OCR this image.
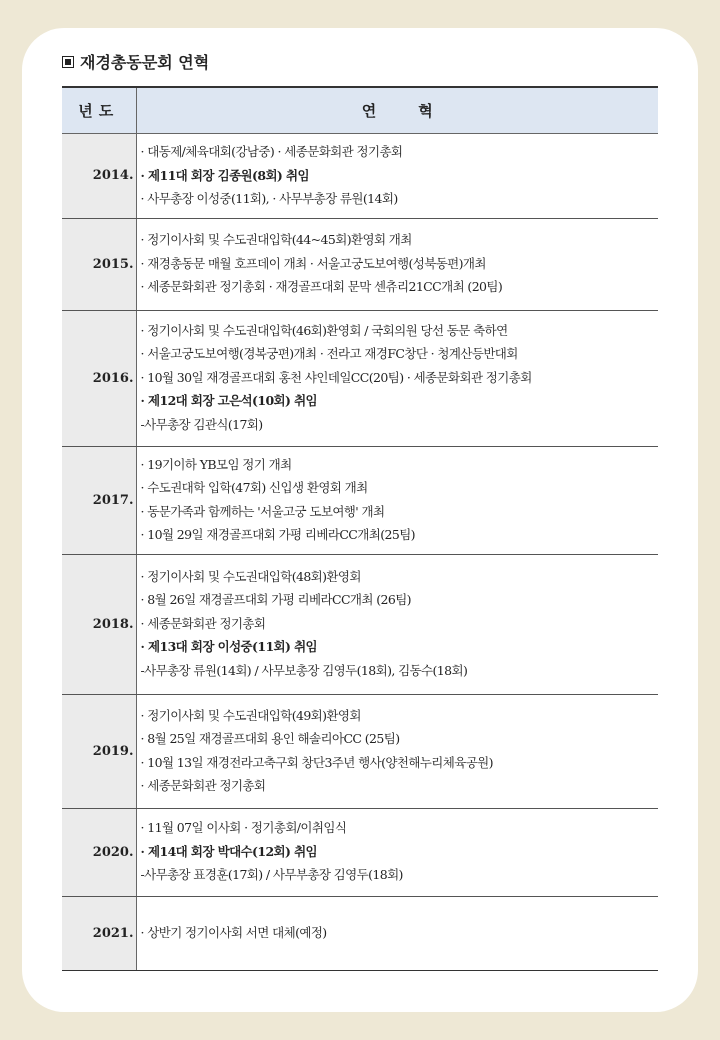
재경총동문회 연혁
년도	연혁
2014.	· 대동제/체육대회(강남중) · 세종문화회관 정기총회
· 제11대 회장 김종원(8회) 취임
· 사무총장 이성중(11회), · 사무부총장 류원(14회)

2015.	· 정기이사회 및 수도권대입학(44~45회)환영회 개최
· 재경총동문 매월 호프데이 개최 · 서울고궁도보여행(성북동편)개최
· 세종문화회관 정기총회 · 재경골프대회 문막 센츄리21CC개최 (20팀)

2016.	· 정기이사회 및 수도권대입학(46회)환영회 / 국회의원 당선 동문 축하연
· 서울고궁도보여행(경복궁편)개최 · 전라고 재경FC창단 · 청계산등반대회
· 10월 30일 재경골프대회 홍천 샤인데일CC(20팀) · 세종문화회관 정기총회
· 제12대 회장 고은석(10회) 취임
-사무총장 김관식(17회)

2017.	· 19기이하 YB모임 정기 개최
· 수도권대학 입학(47회) 신입생 환영회 개최
· 동문가족과 함께하는 '서울고궁 도보여행' 개최
· 10월 29일 재경골프대회 가평 리베라CC개최(25팀)

2018.	· 정기이사회 및 수도권대입학(48회)환영회
· 8월 26일 재경골프대회 가평 리베라CC개최 (26팀)
· 세종문화회관 정기총회
· 제13대 회장 이성중(11회) 취임
-사무총장 류원(14회) / 사무보총장 김영두(18회), 김동수(18회)

2019.	· 정기이사회 및 수도권대입학(49회)환영회
· 8월 25일 재경골프대회 용인 해솔리아CC (25팀)
· 10월 13일 재경전라고축구회 창단3주년 행사(양천해누리체육공원)
· 세종문화회관 정기총회

2020.	· 11월 07일 이사회 · 정기총회/이취임식
· 제14대 회장 박대수(12회) 취임
-사무총장 표경훈(17회) / 사무부총장 김영두(18회)

2021.	· 상반기 정기이사회 서면 대체(예정)
